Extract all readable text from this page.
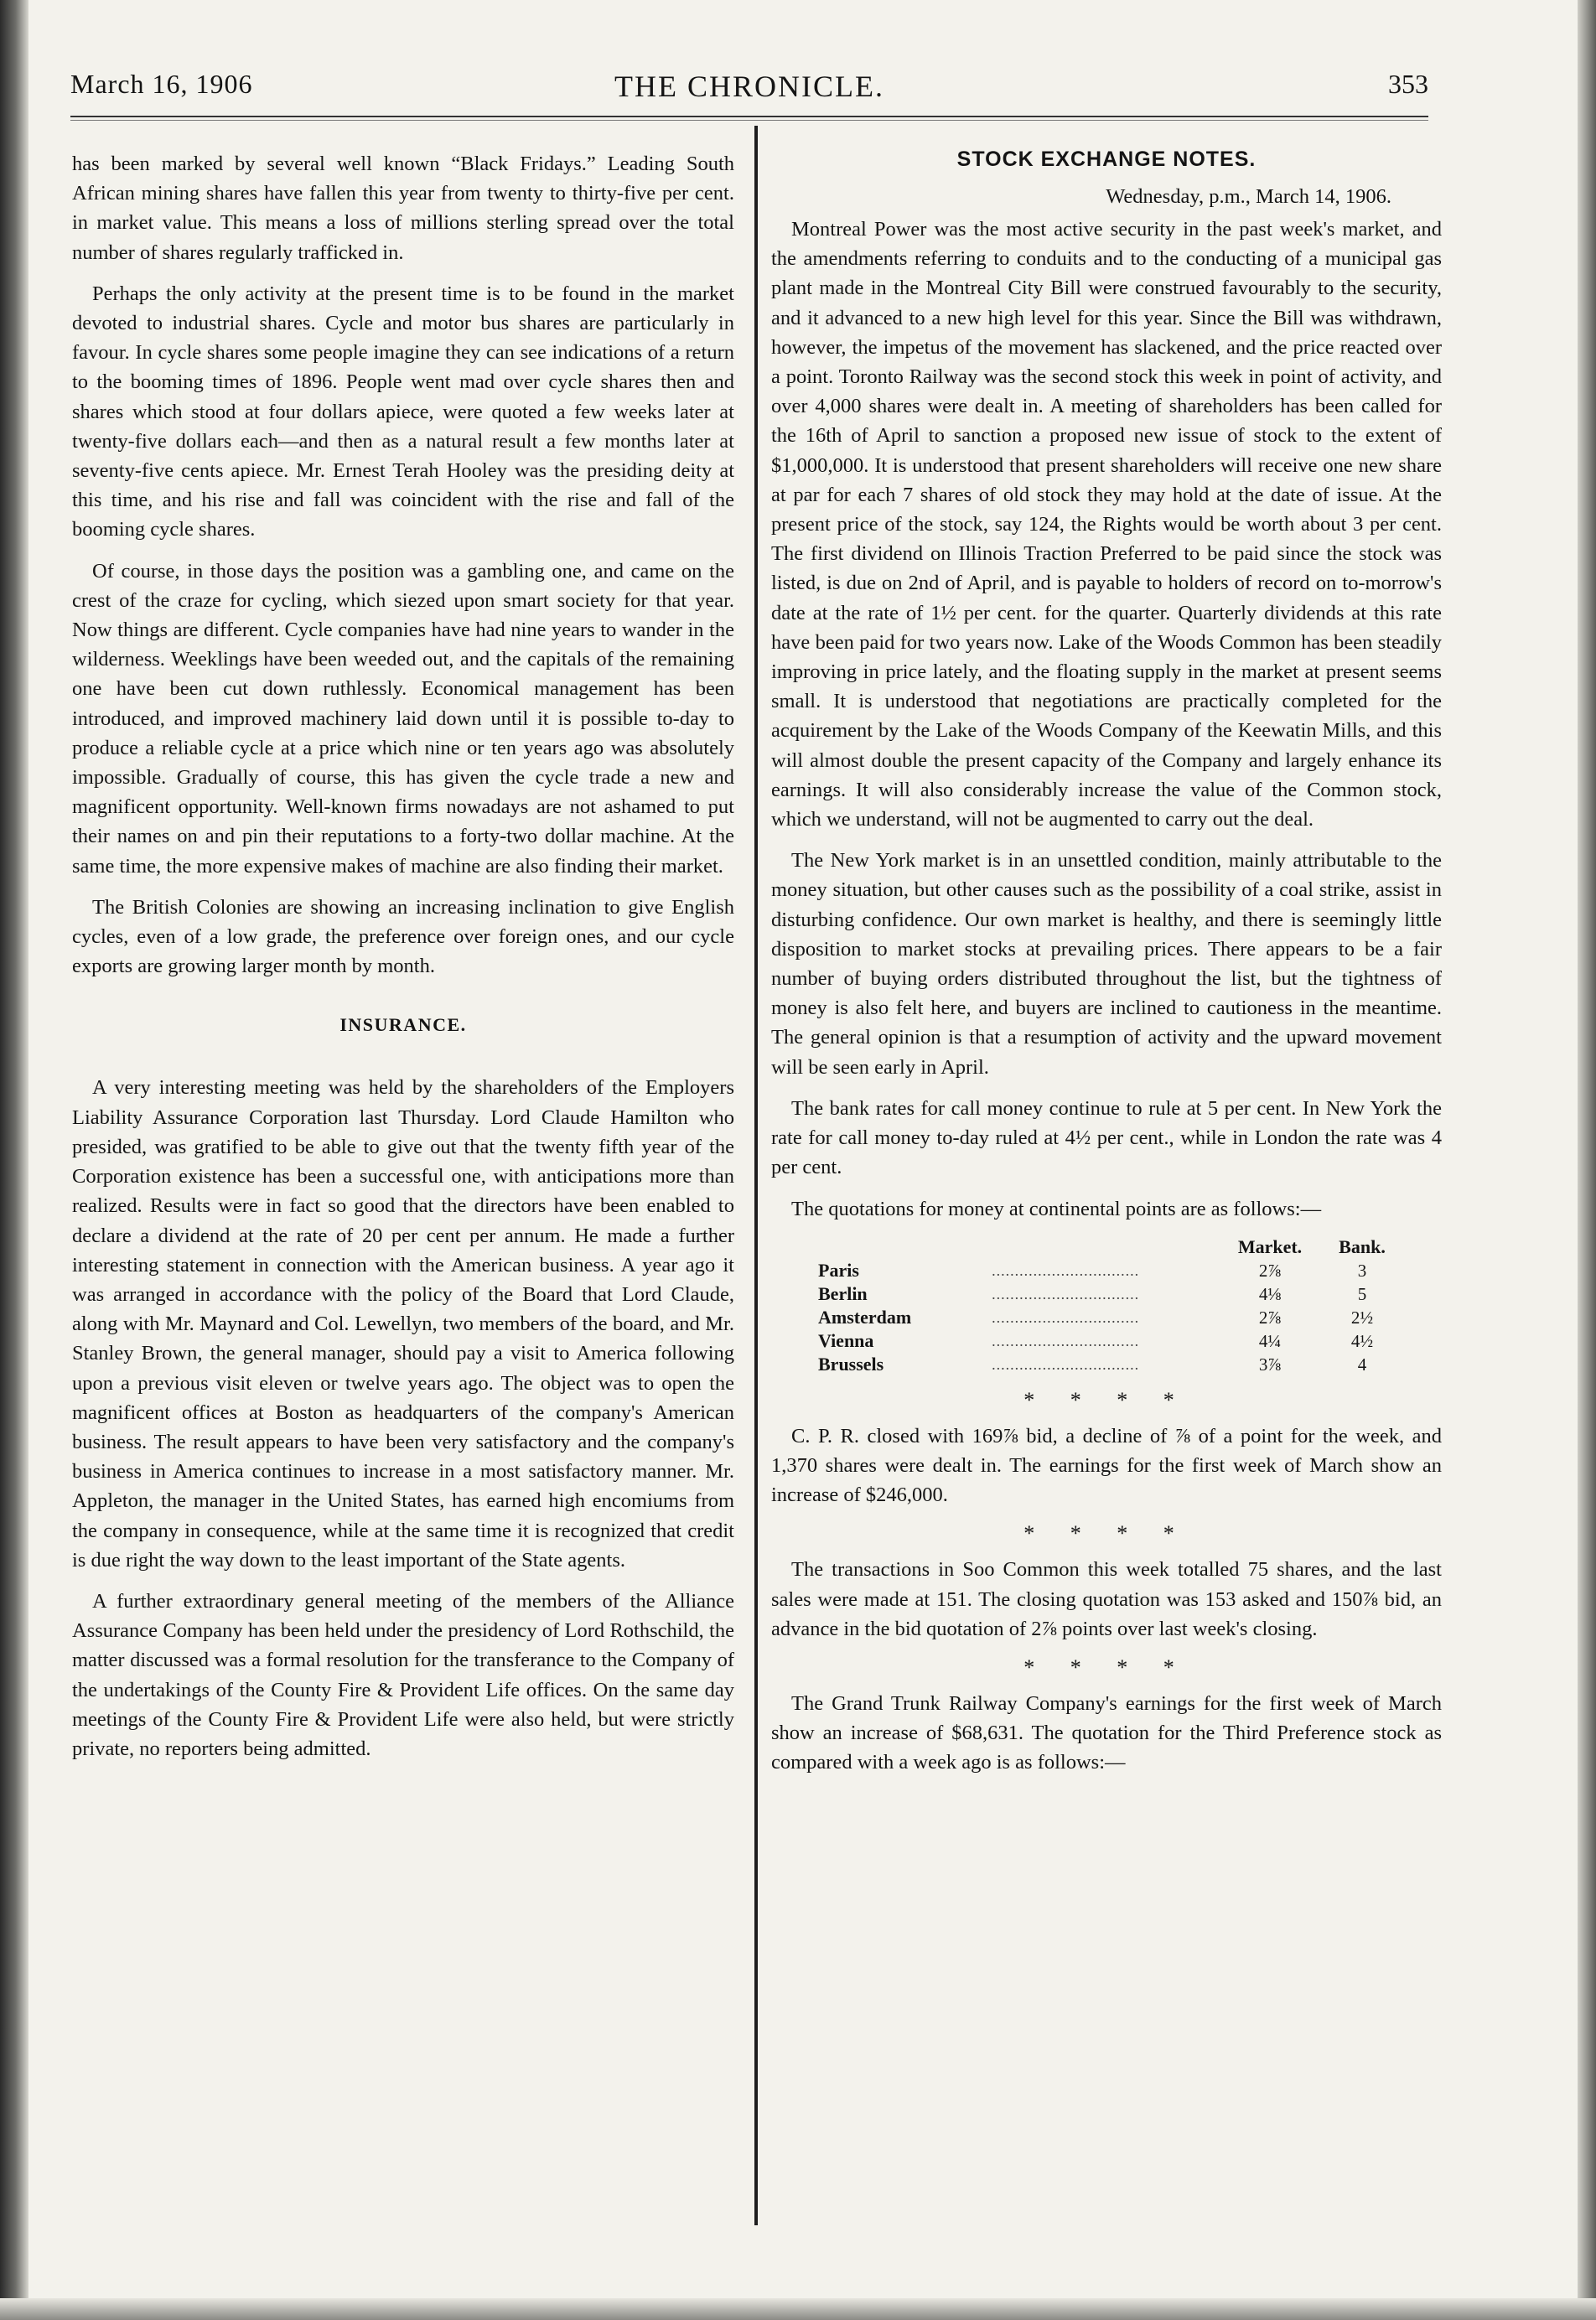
March 16, 1906	THE CHRONICLE.	353

has been marked by several well known “Black Fridays.” Leading South African mining shares have fallen this year from twenty to thirty-five per cent. in market value. This means a loss of millions sterling spread over the total number of shares regularly trafficked in.

Perhaps the only activity at the present time is to be found in the market devoted to industrial shares. Cycle and motor bus shares are particularly in favour. In cycle shares some people imagine they can see indications of a return to the booming times of 1896. People went mad over cycle shares then and shares which stood at four dollars apiece, were quoted a few weeks later at twenty-five dollars each—and then as a natural result a few months later at seventy-five cents apiece. Mr. Ernest Terah Hooley was the presiding deity at this time, and his rise and fall was coincident with the rise and fall of the booming cycle shares.

Of course, in those days the position was a gambling one, and came on the crest of the craze for cycling, which siezed upon smart society for that year. Now things are different. Cycle companies have had nine years to wander in the wilderness. Weeklings have been weeded out, and the capitals of the remaining one have been cut down ruthlessly. Economical management has been introduced, and improved machinery laid down until it is possible to-day to produce a reliable cycle at a price which nine or ten years ago was absolutely impossible. Gradually of course, this has given the cycle trade a new and magnificent opportunity. Well-known firms nowadays are not ashamed to put their names on and pin their reputations to a forty-two dollar machine. At the same time, the more expensive makes of machine are also finding their market.

The British Colonies are showing an increasing inclination to give English cycles, even of a low grade, the preference over foreign ones, and our cycle exports are growing larger month by month.

INSURANCE.

A very interesting meeting was held by the shareholders of the Employers Liability Assurance Corporation last Thursday. Lord Claude Hamilton who presided, was gratified to be able to give out that the twenty fifth year of the Corporation existence has been a successful one, with anticipations more than realized. Results were in fact so good that the directors have been enabled to declare a dividend at the rate of 20 per cent per annum. He made a further interesting statement in connection with the American business. A year ago it was arranged in accordance with the policy of the Board that Lord Claude, along with Mr. Maynard and Col. Lewellyn, two members of the board, and Mr. Stanley Brown, the general manager, should pay a visit to America following upon a previous visit eleven or twelve years ago. The object was to open the magnificent offices at Boston as headquarters of the company's American business. The result appears to have been very satisfactory and the company's business in America continues to increase in a most satisfactory manner. Mr. Appleton, the manager in the United States, has earned high encomiums from the company in consequence, while at the same time it is recognized that credit is due right the way down to the least important of the State agents.

A further extraordinary general meeting of the members of the Alliance Assurance Company has been held under the presidency of Lord Rothschild, the matter discussed was a formal resolution for the transferance to the Company of the undertakings of the County Fire & Provident Life offices. On the same day meetings of the County Fire & Provident Life were also held, but were strictly private, no reporters being admitted.

STOCK EXCHANGE NOTES.
Wednesday, p.m., March 14, 1906.

Montreal Power was the most active security in the past week's market, and the amendments referring to conduits and to the conducting of a municipal gas plant made in the Montreal City Bill were construed favourably to the security, and it advanced to a new high level for this year. Since the Bill was withdrawn, however, the impetus of the movement has slackened, and the price reacted over a point. Toronto Railway was the second stock this week in point of activity, and over 4,000 shares were dealt in. A meeting of shareholders has been called for the 16th of April to sanction a proposed new issue of stock to the extent of $1,000,000. It is understood that present shareholders will receive one new share at par for each 7 shares of old stock they may hold at the date of issue. At the present price of the stock, say 124, the Rights would be worth about 3 per cent. The first dividend on Illinois Traction Preferred to be paid since the stock was listed, is due on 2nd of April, and is payable to holders of record on to-morrow's date at the rate of 1½ per cent. for the quarter. Quarterly dividends at this rate have been paid for two years now. Lake of the Woods Common has been steadily improving in price lately, and the floating supply in the market at present seems small. It is understood that negotiations are practically completed for the acquirement by the Lake of the Woods Company of the Keewatin Mills, and this will almost double the present capacity of the Company and largely enhance its earnings. It will also considerably increase the value of the Common stock, which we understand, will not be augmented to carry out the deal.

The New York market is in an unsettled condition, mainly attributable to the money situation, but other causes such as the possibility of a coal strike, assist in disturbing confidence. Our own market is healthy, and there is seemingly little disposition to market stocks at prevailing prices. There appears to be a fair number of buying orders distributed throughout the list, but the tightness of money is also felt here, and buyers are inclined to cautioness in the meantime. The general opinion is that a resumption of activity and the upward movement will be seen early in April.

The bank rates for call money continue to rule at 5 per cent. In New York the rate for call money to-day ruled at 4½ per cent., while in London the rate was 4 per cent.

The quotations for money at continental points are as follows:—

		Market.	Bank.
Paris	................................	2⅞	3
Berlin	................................	4⅛	5
Amsterdam	................................	2⅞	2½
Vienna	................................	4¼	4½
Brussels	................................	3⅞	4
* * * *

C. P. R. closed with 169⅞ bid, a decline of ⅞ of a point for the week, and 1,370 shares were dealt in. The earnings for the first week of March show an increase of $246,000.

* * * *

The transactions in Soo Common this week totalled 75 shares, and the last sales were made at 151. The closing quotation was 153 asked and 150⅞ bid, an advance in the bid quotation of 2⅞ points over last week's closing.

* * * *

The Grand Trunk Railway Company's earnings for the first week of March show an increase of $68,631. The quotation for the Third Preference stock as compared with a week ago is as follows:—
